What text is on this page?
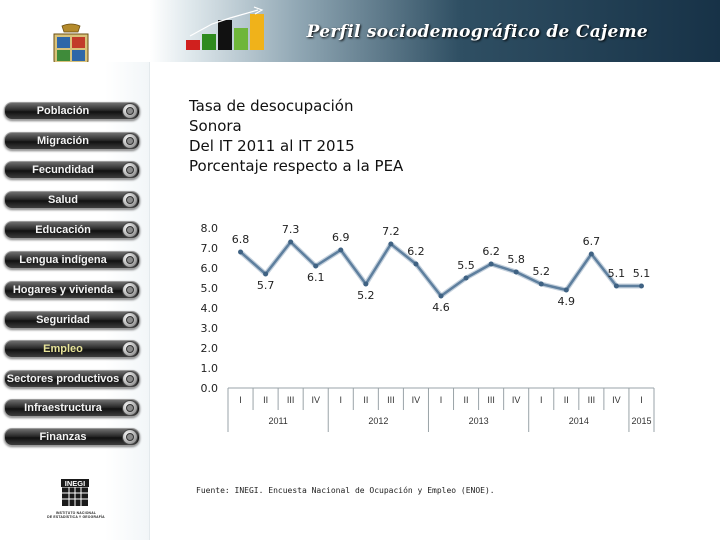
Perfil sociodemográfico de Cajeme
Población
Migración
Fecundidad
Salud
Educación
Lengua indígena
Hogares y vivienda
Seguridad
Empleo
Sectores productivos
Infraestructura
Finanzas
Tasa de desocupación
Sonora
Del IT 2011 al IT 2015
Porcentaje respecto a la PEA
0.0
1.0
2.0
3.0
4.0
5.0
6.0
7.0
8.0
I II III IV I II III IV I II III IV I II III IV I
2011	2012	2013	2014	2015
6.8
5.7
7.3
6.1
6.9
5.2
7.2
6.2
4.6
5.5
6.2
5.8
5.2
4.9
6.7
5.1 5.1
Fuente: INEGI. Encuesta Nacional de Ocupación y Empleo (ENOE).
INEGI
INSTITUTO NACIONAL
DE ESTADÍSTICA Y GEOGRAFÍA
